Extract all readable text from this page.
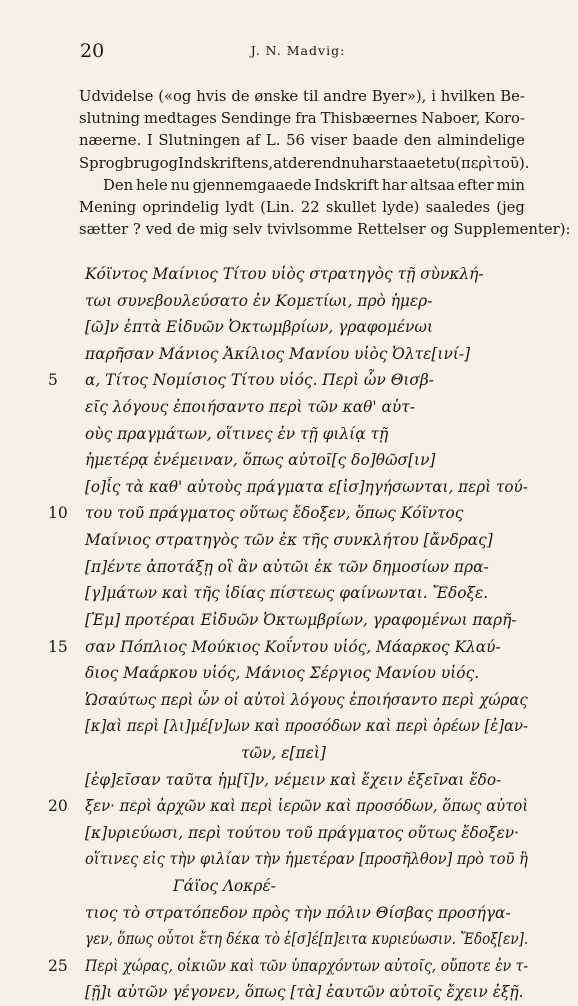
20	J. N. Madvig:
Udvidelse («og hvis de ønske til andre Byer»), i hvilken Be-
slutning medtages Sendinge fra Thisbæernes Naboer, Koro-
næerne. I Slutningen af L. 56 viser baade den almindelige
Sprogbrug og Indskriftens, at der endnu har staaet et υ (περὶ τοῦ).
Den hele nu gjennemgaaede Indskrift har altsaa efter min
Mening oprindelig lydt (Lin. 22 skullet lyde) saaledes (jeg
sætter ? ved de mig selv tvivlsomme Rettelser og Supplementer):
Κόϊντος Μαίνιος Τίτου υἱὸς στρατηγὸς τῇ σὺνκλή-
τωι συνεβουλεύσατο ἐν Κομετίωι, πρὸ ἡμερ-
[ῶ]ν ἑπτὰ Εἰδυῶν Ὀκτωμβρίων, γραφομένωι
παρῆσαν Μάνιος Ἀκίλιος Μανίου υἱὸς Ὀλτε[ινί-]
5 α, Τίτος Νομίσιος Τίτου υἱός. Περὶ ὧν Θισβ-
εῖς λόγους ἐποιήσαντο περὶ τῶν καθ' αὑτ-
οὺς πραγμάτων, οἵτινες ἐν τῇ φιλίᾳ τῇ
ἡμετέρᾳ ἐνέμειναν, ὅπως αὐτοῖ[ς δο]θῶσ[ιν]
[ο]ἷς τὰ καθ' αὑτοὺς πράγματα ε[ἰσ]ηγήσωνται, περὶ τού-
10 του τοῦ πράγματος οὕτως ἔδοξεν, ὅπως Κόϊντος
Μαίνιος στρατηγὸς τῶν ἐκ τῆς συνκλήτου [ἄνδρας]
[π]έντε ἀποτάξῃ οἳ ἂν αὐτῶι ἐκ τῶν δημοσίων πρα-
[γ]μάτων καὶ τῆς ἰδίας πίστεως φαίνωνται. Ἔδοξε.
[Ἐμ] προτέραι Εἰδυῶν Ὀκτωμβρίων, γραφομένωι παρῆ-
15 σαν Πόπλιος Μούκιος Κοΐντου υἱός, Μάαρκος Κλαύ-
διος Μαάρκου υἱός, Μάνιος Σέργιος Μανίου υἱός.
Ὡσαύτως περὶ ὧν οἱ αὐτοὶ λόγους ἐποιήσαντο περὶ χώρας
[κ]αὶ περὶ [λι]μέ[ν]ων καὶ προσόδων καὶ περὶ ὀρέων [ἐ]αν-
τῶν, ε[πεὶ]
[ἐφ]εῖσαν ταῦτα ἡμ[ῖ]ν, νέμειν καὶ ἔχειν ἐξεῖναι ἔδο-
20 ξεν· περὶ ἀρχῶν καὶ περὶ ἱερῶν καὶ προσόδων, ὅπως αὐτοὶ
[κ]υριεύωσι, περὶ τούτου τοῦ πράγματος οὕτως ἔδοξεν·
οἵτινες εἰς τὴν φιλίαν τὴν ἡμετέραν [προσῆλθον] πρὸ τοῦ ἢ
Γάϊος Λοκρέ-
τιος τὸ στρατόπεδον πρὸς τὴν πόλιν Θίσβας προσήγα-
γεν, ὅπως οὗτοι ἔτη δέκα τὸ ἐ[σ]έ[π]ειτα κυριεύωσιν. Ἔδοξ[εν].
25 Περὶ χώρας, οἰκιῶν καὶ τῶν ὑπαρχόντων αὐτοῖς, οὔποτε ἐν τ-
[ῇ]ι αὐτῶν γέγονεν, ὅπως [τὰ] ἑαυτῶν αὐτοῖς ἔχειν ἐξῇ.
